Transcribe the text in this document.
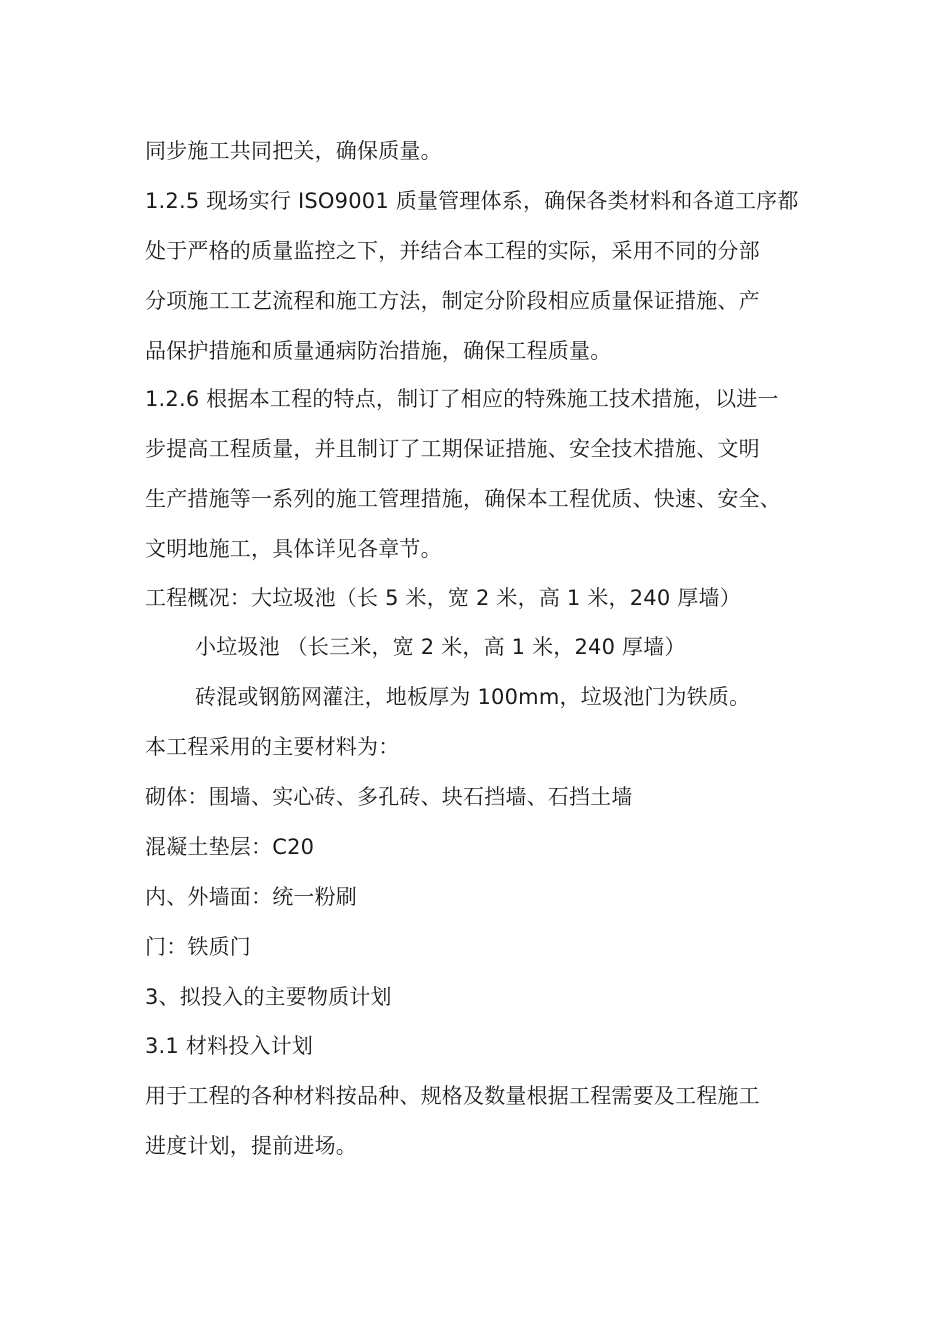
同步施工共同把关，确保质量。
1.2.5 现场实行 ISO9001 质量管理体系，确保各类材料和各道工序都
处于严格的质量监控之下，并结合本工程的实际，采用不同的分部
分项施工工艺流程和施工方法，制定分阶段相应质量保证措施、产
品保护措施和质量通病防治措施，确保工程质量。
1.2.6 根据本工程的特点，制订了相应的特殊施工技术措施，以进一
步提高工程质量，并且制订了工期保证措施、安全技术措施、文明
生产措施等一系列的施工管理措施，确保本工程优质、快速、安全、
文明地施工，具体详见各章节。
工程概况：大垃圾池（长 5 米，宽 2 米，高 1 米，240 厚墙）
小垃圾池 （长三米，宽 2 米，高 1 米，240 厚墙）
砖混或钢筋网灌注，地板厚为 100mm，垃圾池门为铁质。
本工程采用的主要材料为：
砌体：围墙、实心砖、多孔砖、块石挡墙、石挡土墙
混凝土垫层：C20
内、外墙面：统一粉刷
门：铁质门
3、拟投入的主要物质计划
3.1 材料投入计划
用于工程的各种材料按品种、规格及数量根据工程需要及工程施工
进度计划，提前进场。
